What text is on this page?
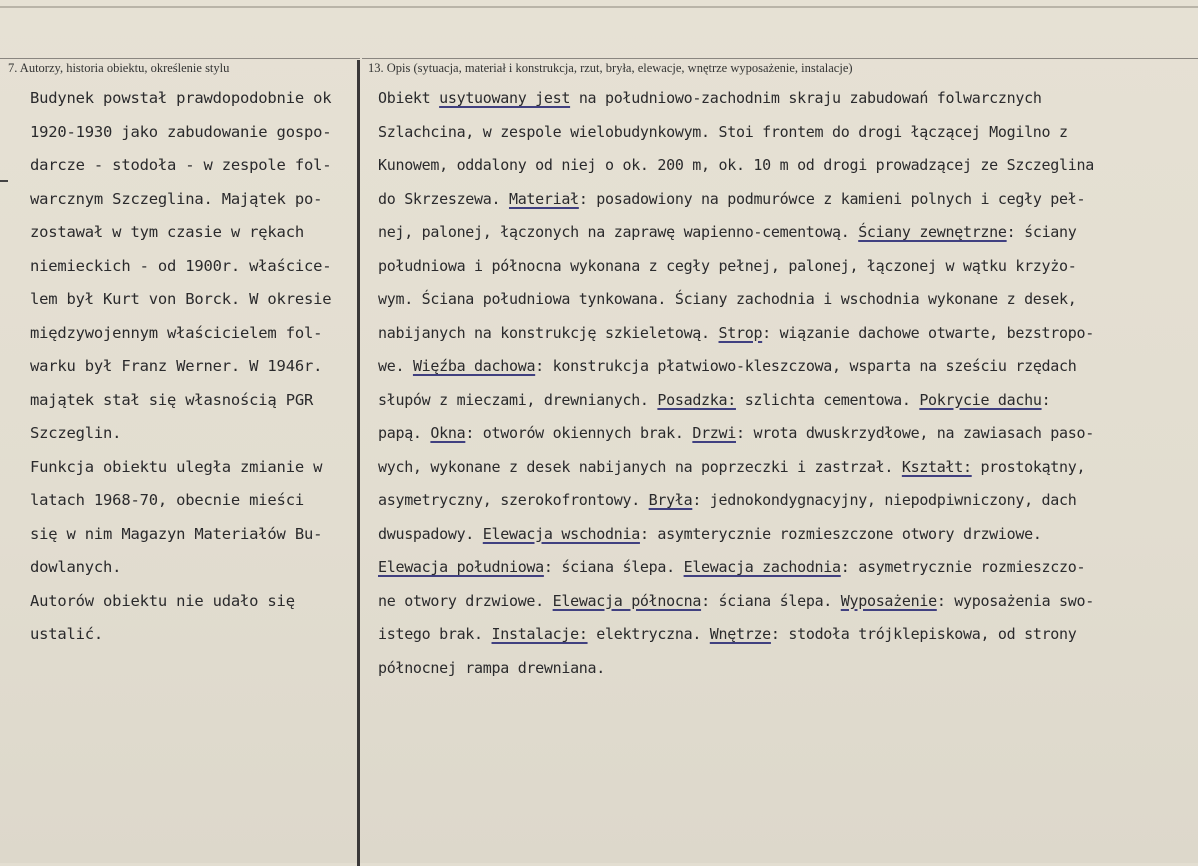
7. Autorzy, historia obiektu, określenie stylu	13. Opis (sytuacja, materiał i konstrukcja, rzut, bryła, elewacje, wnętrze wyposażenie, instalacje)

Budynek powstał prawdopodobnie ok

1920-1930 jako zabudowanie gospo-

darcze - stodoła - w zespole fol-

warcznym Szczeglina. Majątek po-

zostawał w tym czasie w rękach

niemieckich - od 1900r. właścice-

lem był Kurt von Borck. W okresie

międzywojennym właścicielem fol-

warku był Franz Werner. W 1946r.

majątek stał się własnością PGR

Szczeglin.

Funkcja obiektu uległa zmianie w

latach 1968-70, obecnie mieści

się w nim Magazyn Materiałów Bu-

dowlanych.

Autorów obiektu nie udało się

ustalić.

Obiekt usytuowany jest na południowo-zachodnim skraju zabudowań folwarcznych

Szlachcina, w zespole wielobudynkowym. Stoi frontem do drogi łączącej Mogilno z

Kunowem, oddalony od niej o ok. 200 m, ok. 10 m od drogi prowadzącej ze Szczeglina

do Skrzeszewa. Materiał: posadowiony na podmurówce z kamieni polnych i cegły peł-

nej, palonej, łączonych na zaprawę wapienno-cementową. Ściany zewnętrzne: ściany

południowa i północna wykonana z cegły pełnej, palonej, łączonej w wątku krzyżo-

wym. Ściana południowa tynkowana. Ściany zachodnia i wschodnia wykonane z desek,

nabijanych na konstrukcję szkieletową. Strop: wiązanie dachowe otwarte, bezstropo-

we. Więźba dachowa: konstrukcja płatwiowo-kleszczowa, wsparta na sześciu rzędach

słupów z mieczami, drewnianych. Posadzka: szlichta cementowa. Pokrycie dachu:

papą. Okna: otworów okiennych brak. Drzwi: wrota dwuskrzydłowe, na zawiasach paso-

wych, wykonane z desek nabijanych na poprzeczki i zastrzał. Kształt: prostokątny,

asymetryczny, szerokofrontowy. Bryła: jednokondygnacyjny, niepodpiwniczony, dach

dwuspadowy. Elewacja wschodnia: asymterycznie rozmieszczone otwory drzwiowe.

Elewacja południowa: ściana ślepa. Elewacja zachodnia: asymetrycznie rozmieszczo-

ne otwory drzwiowe. Elewacja północna: ściana ślepa. Wyposażenie: wyposażenia swo-

istego brak. Instalacje: elektryczna. Wnętrze: stodoła trójklepiskowa, od strony

północnej rampa drewniana.
